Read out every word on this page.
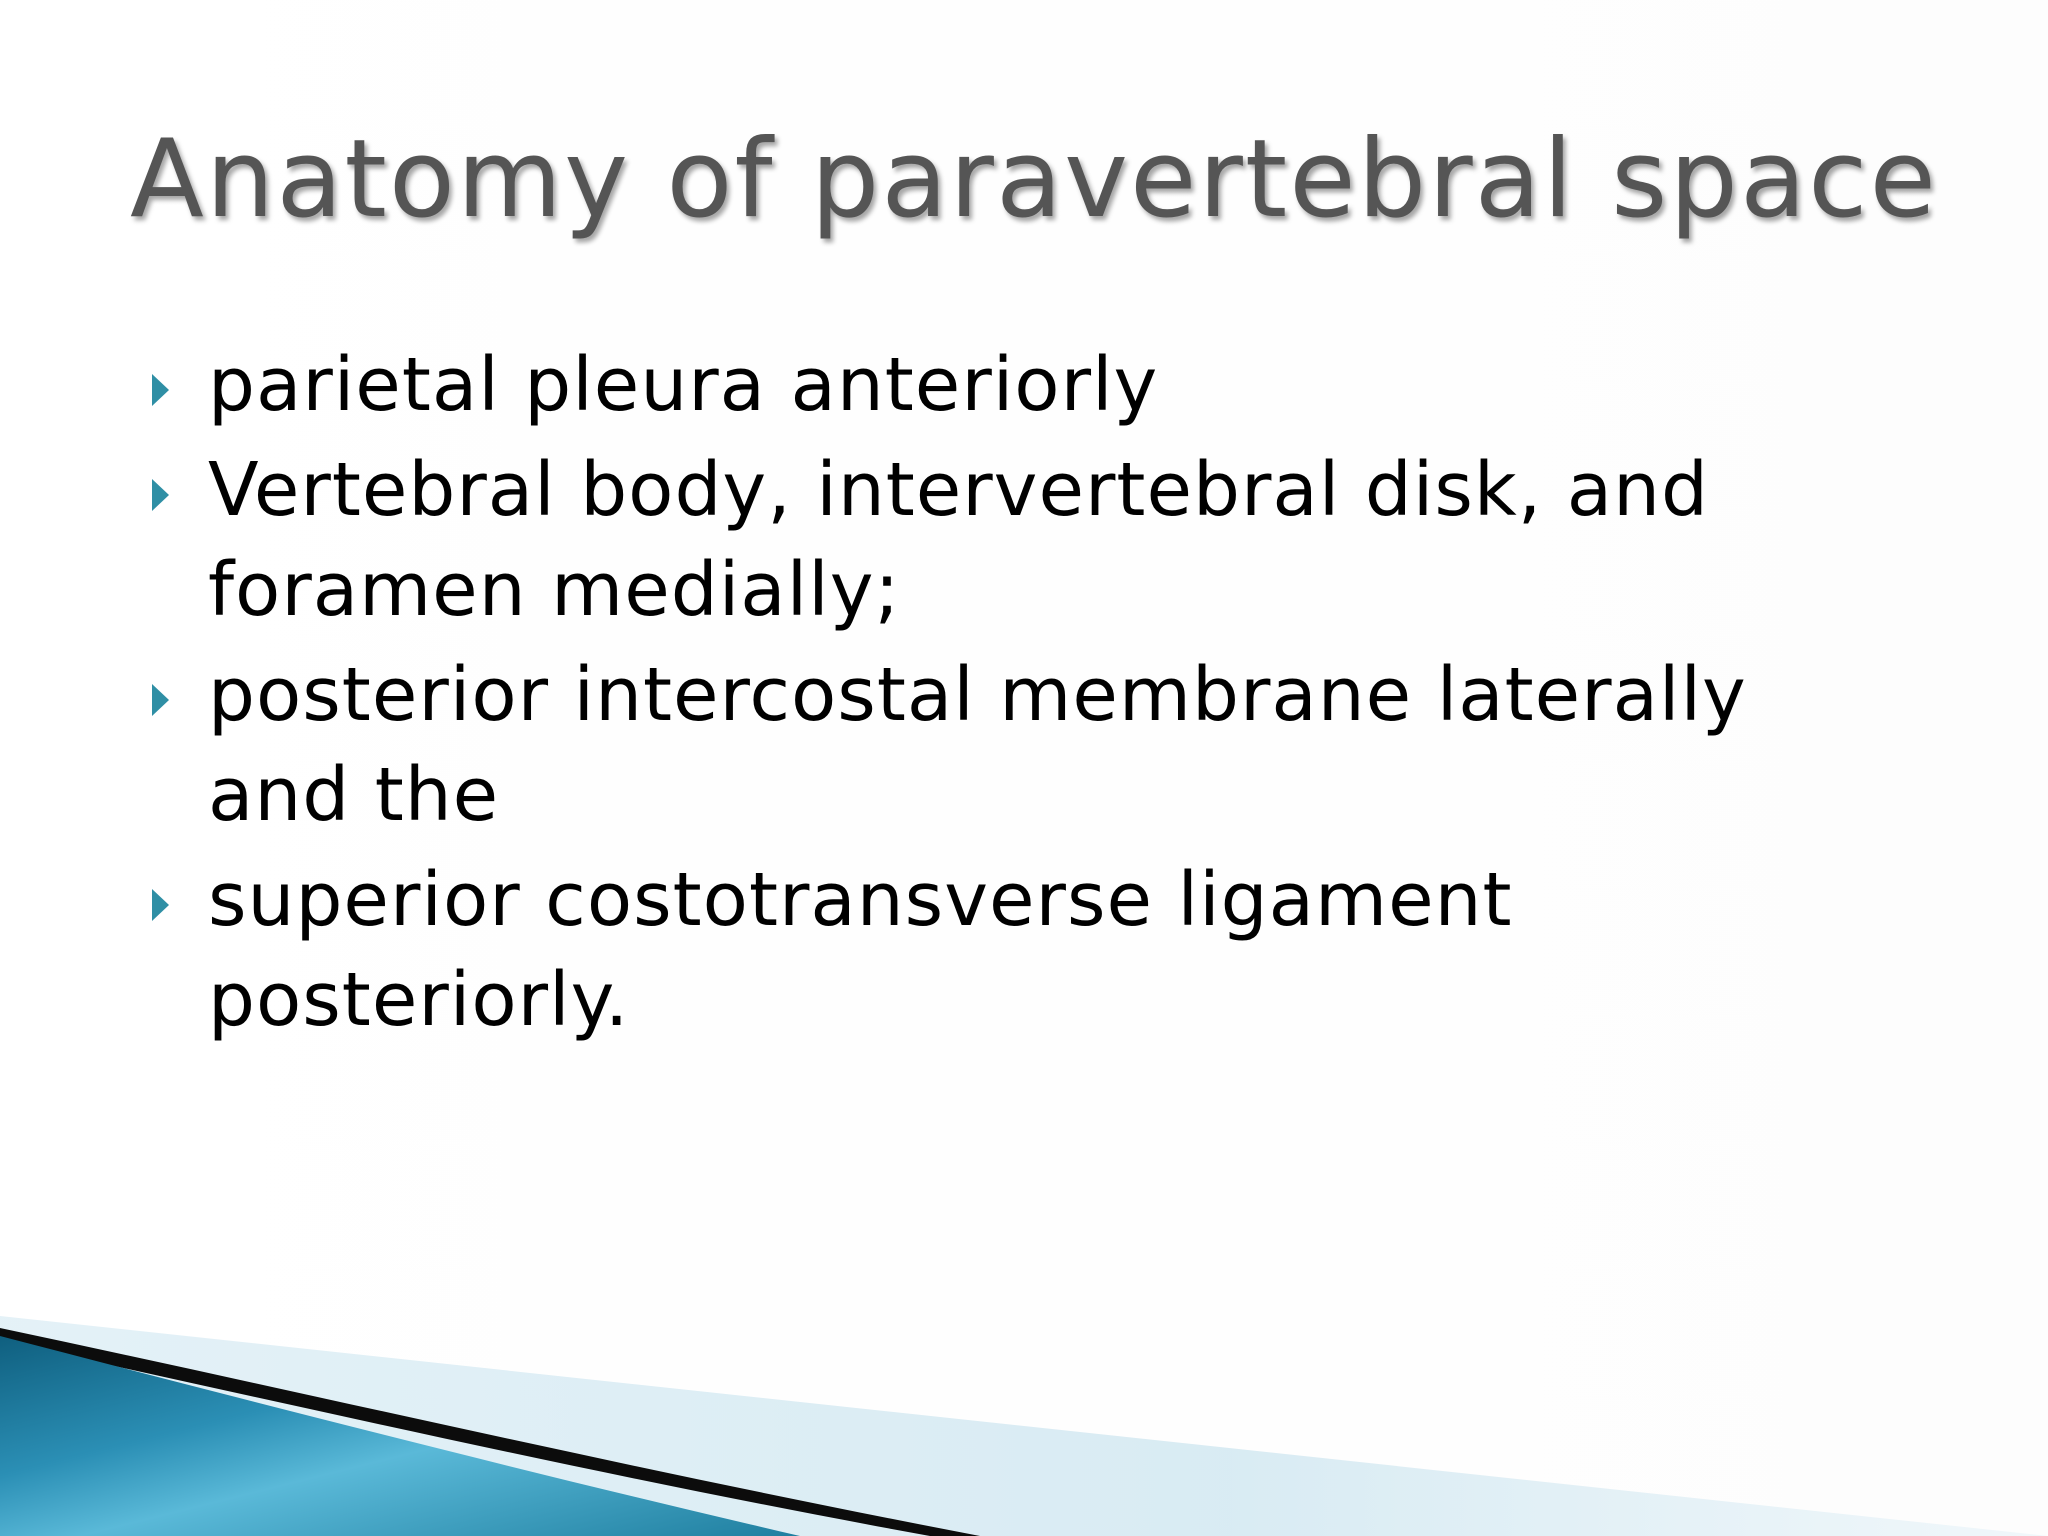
Anatomy of paravertebral space
parietal pleura anteriorly
Vertebral body, intervertebral disk, and foramen medially;
posterior intercostal membrane laterally and the
superior costotransverse ligament posteriorly.
